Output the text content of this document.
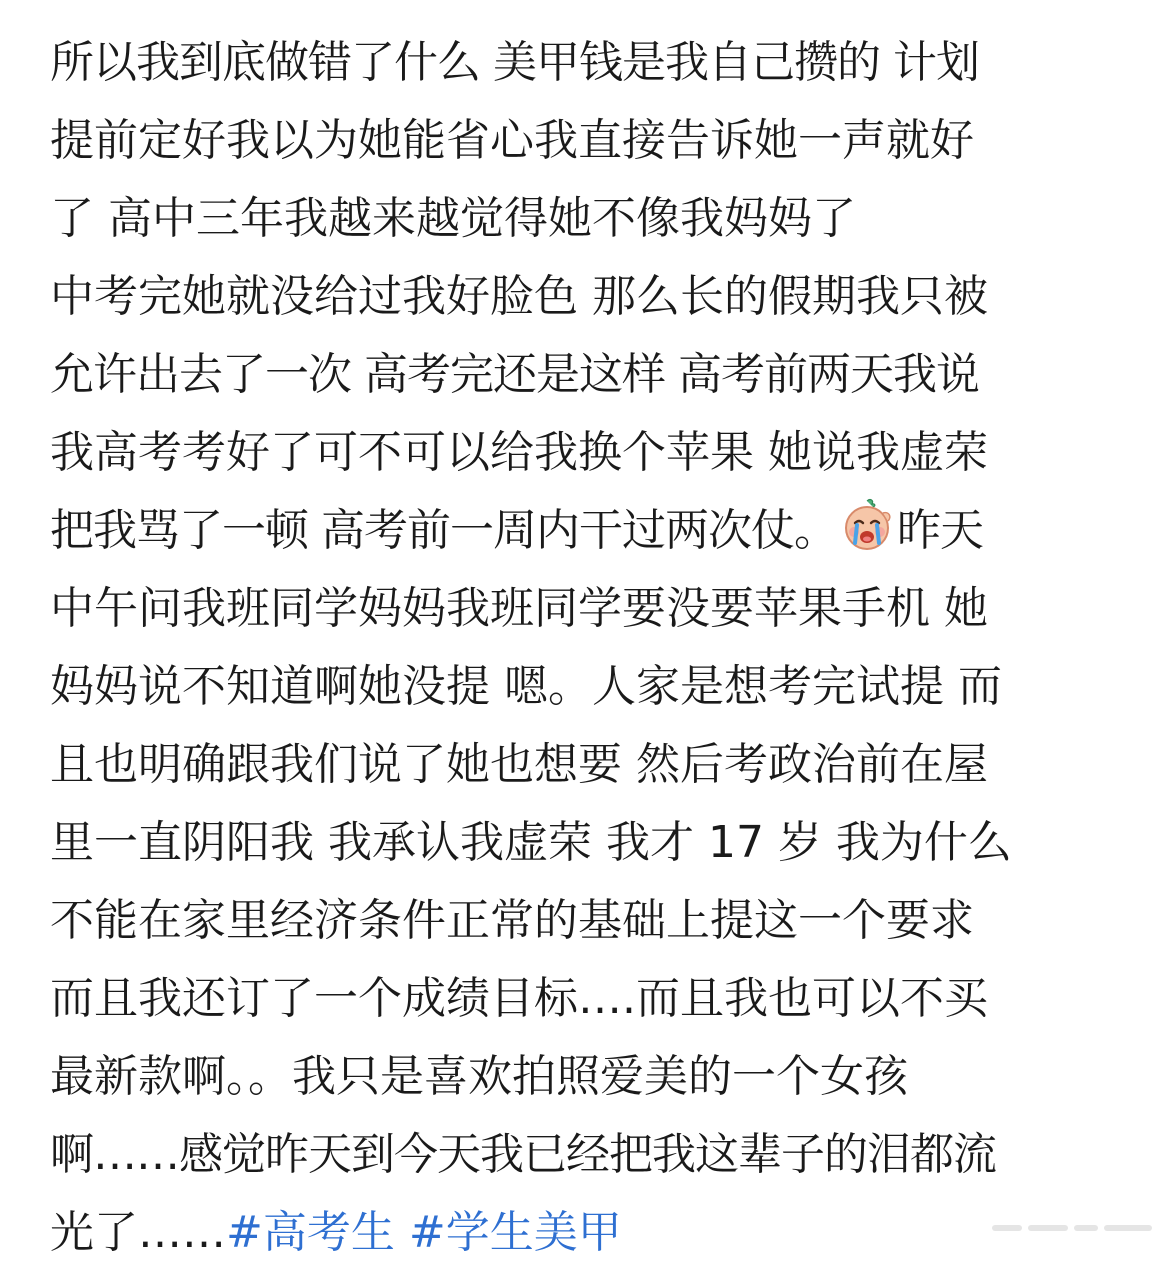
所以我到底做错了什么 美甲钱是我自己攒的 计划
提前定好我以为她能省心我直接告诉她一声就好
了 高中三年我越来越觉得她不像我妈妈了
中考完她就没给过我好脸色 那么长的假期我只被
允许出去了一次 高考完还是这样 高考前两天我说
我高考考好了可不可以给我换个苹果 她说我虚荣
把我骂了一顿 高考前一周内干过两次仗。 昨天
中午问我班同学妈妈我班同学要没要苹果手机 她
妈妈说不知道啊她没提 嗯。人家是想考完试提 而
且也明确跟我们说了她也想要 然后考政治前在屋
里一直阴阳我 我承认我虚荣 我才 17 岁 我为什么
不能在家里经济条件正常的基础上提这一个要求
而且我还订了一个成绩目标….而且我也可以不买
最新款啊。。我只是喜欢拍照爱美的一个女孩
啊……感觉昨天到今天我已经把我这辈子的泪都流
光了……#高考生 #学生美甲
